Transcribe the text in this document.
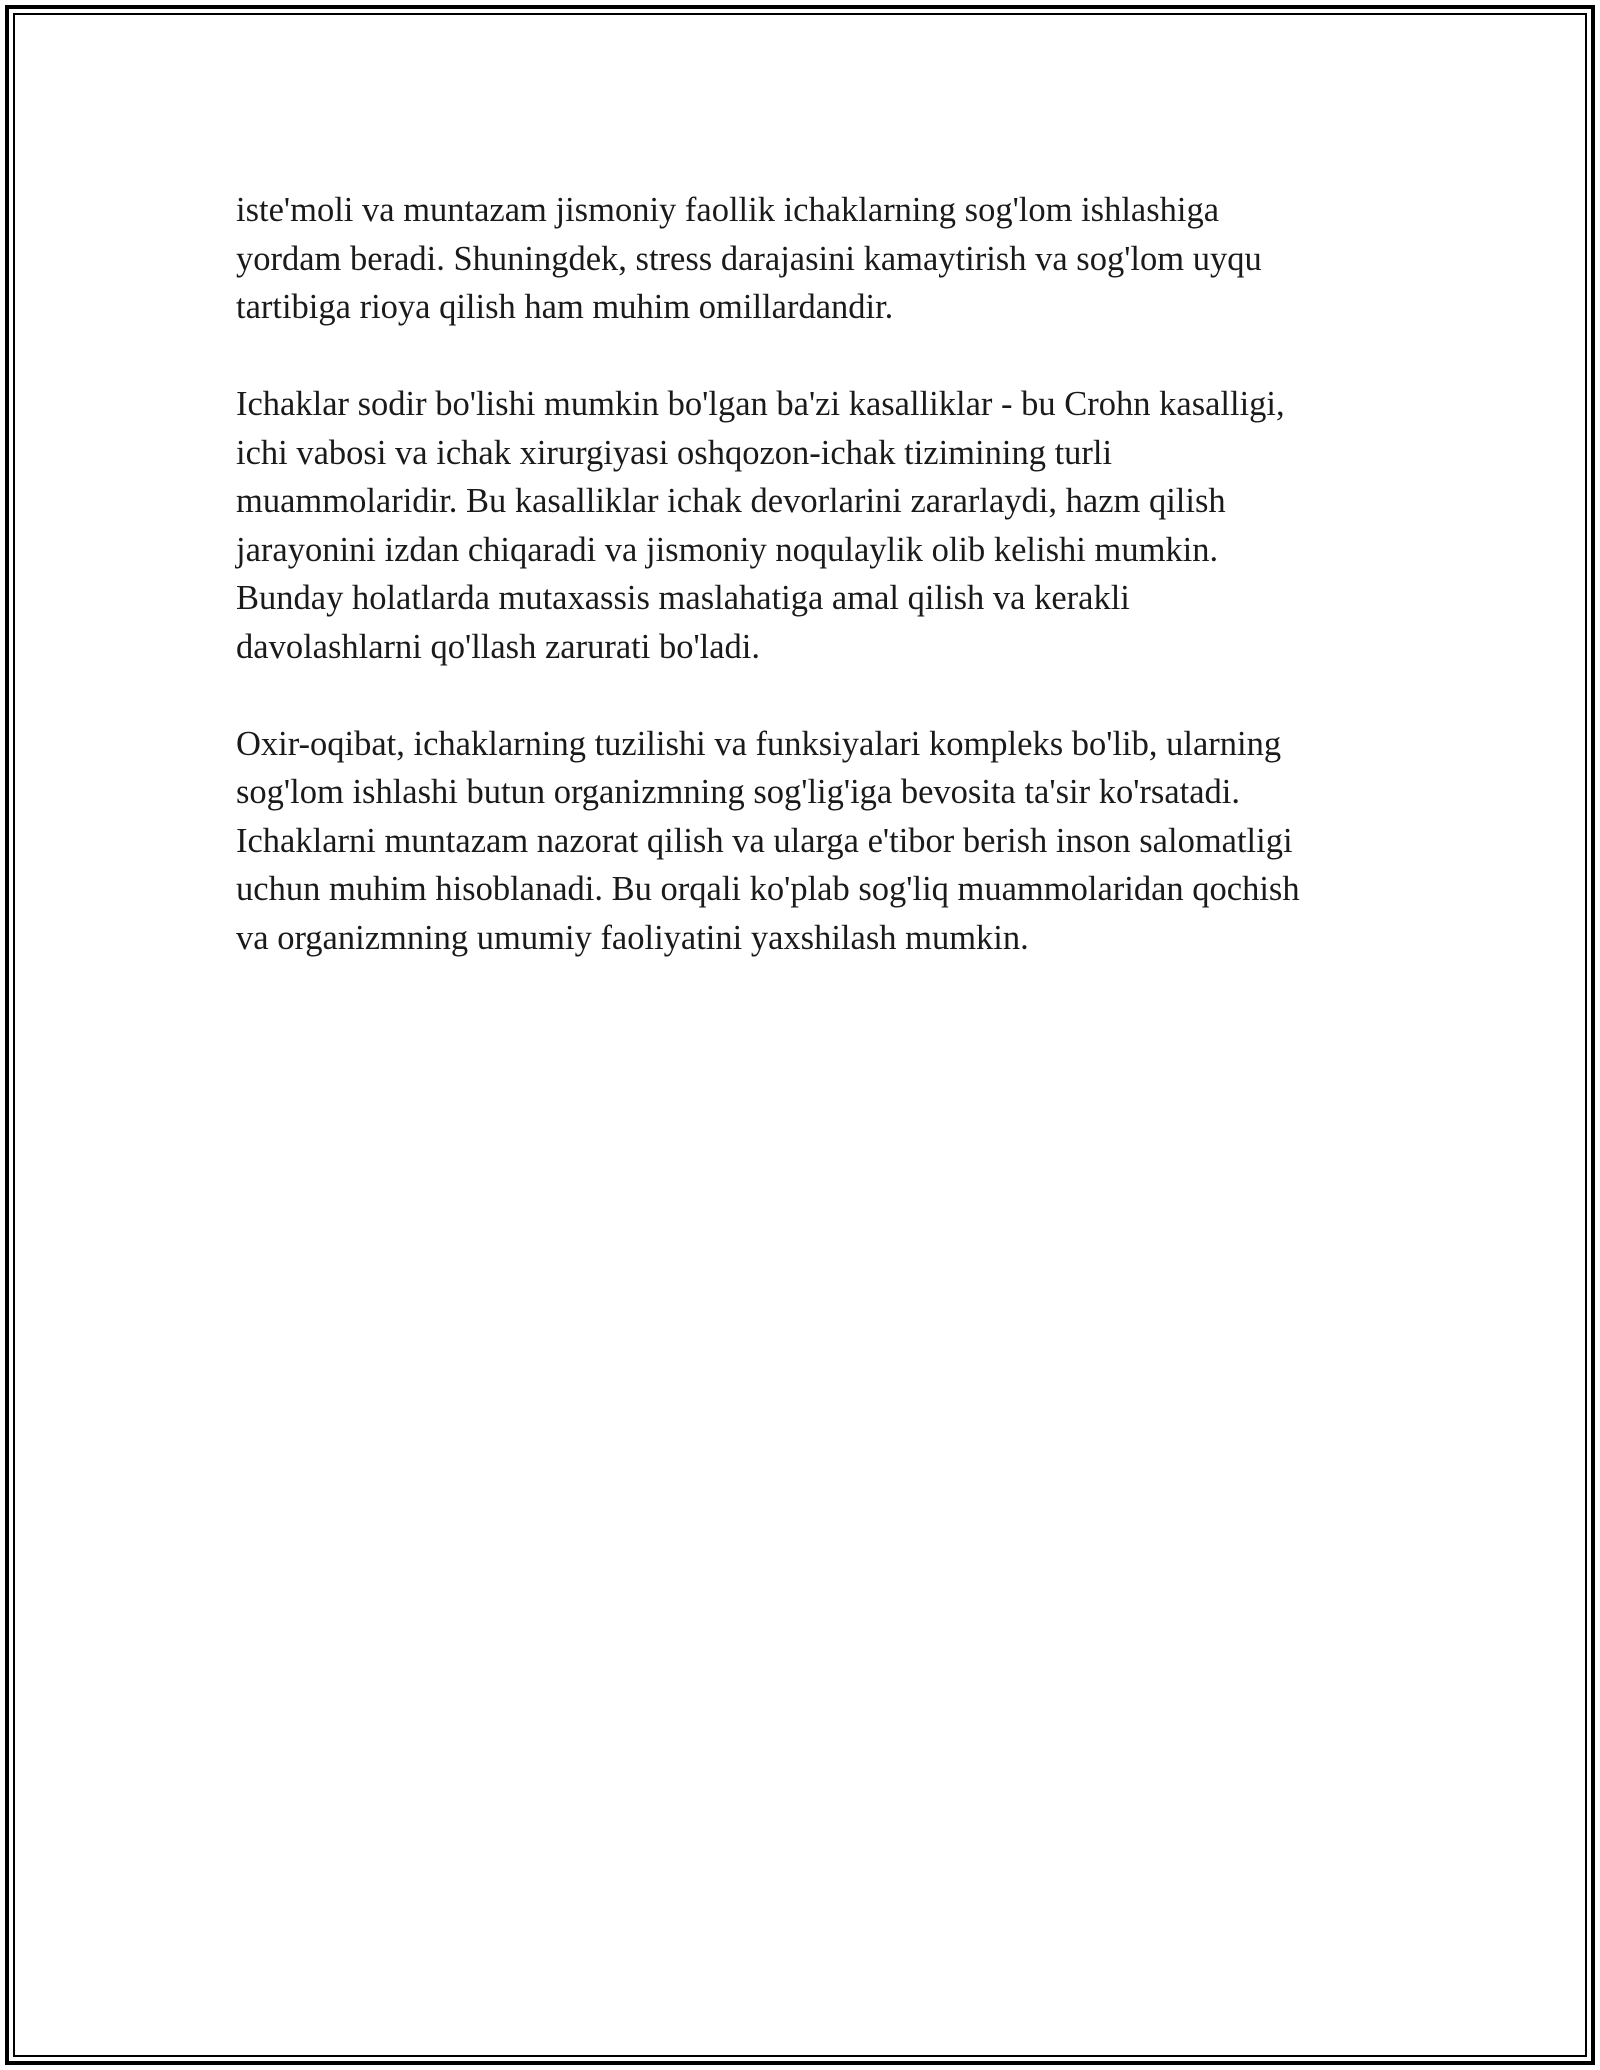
iste'moli va muntazam jismoniy faollik ichaklarning sog'lom ishlashiga
yordam beradi. Shuningdek, stress darajasini kamaytirish va sog'lom uyqu
tartibiga rioya qilish ham muhim omillardandir.

Ichaklar sodir bo'lishi mumkin bo'lgan ba'zi kasalliklar - bu Crohn kasalligi,
ichi vabosi va ichak xirurgiyasi oshqozon-ichak tizimining turli
muammolaridir. Bu kasalliklar ichak devorlarini zararlaydi, hazm qilish
jarayonini izdan chiqaradi va jismoniy noqulaylik olib kelishi mumkin.
Bunday holatlarda mutaxassis maslahatiga amal qilish va kerakli
davolashlarni qo'llash zarurati bo'ladi.

Oxir-oqibat, ichaklarning tuzilishi va funksiyalari kompleks bo'lib, ularning
sog'lom ishlashi butun organizmning sog'lig'iga bevosita ta'sir ko'rsatadi.
Ichaklarni muntazam nazorat qilish va ularga e'tibor berish inson salomatligi
uchun muhim hisoblanadi. Bu orqali ko'plab sog'liq muammolaridan qochish
va organizmning umumiy faoliyatini yaxshilash mumkin.
